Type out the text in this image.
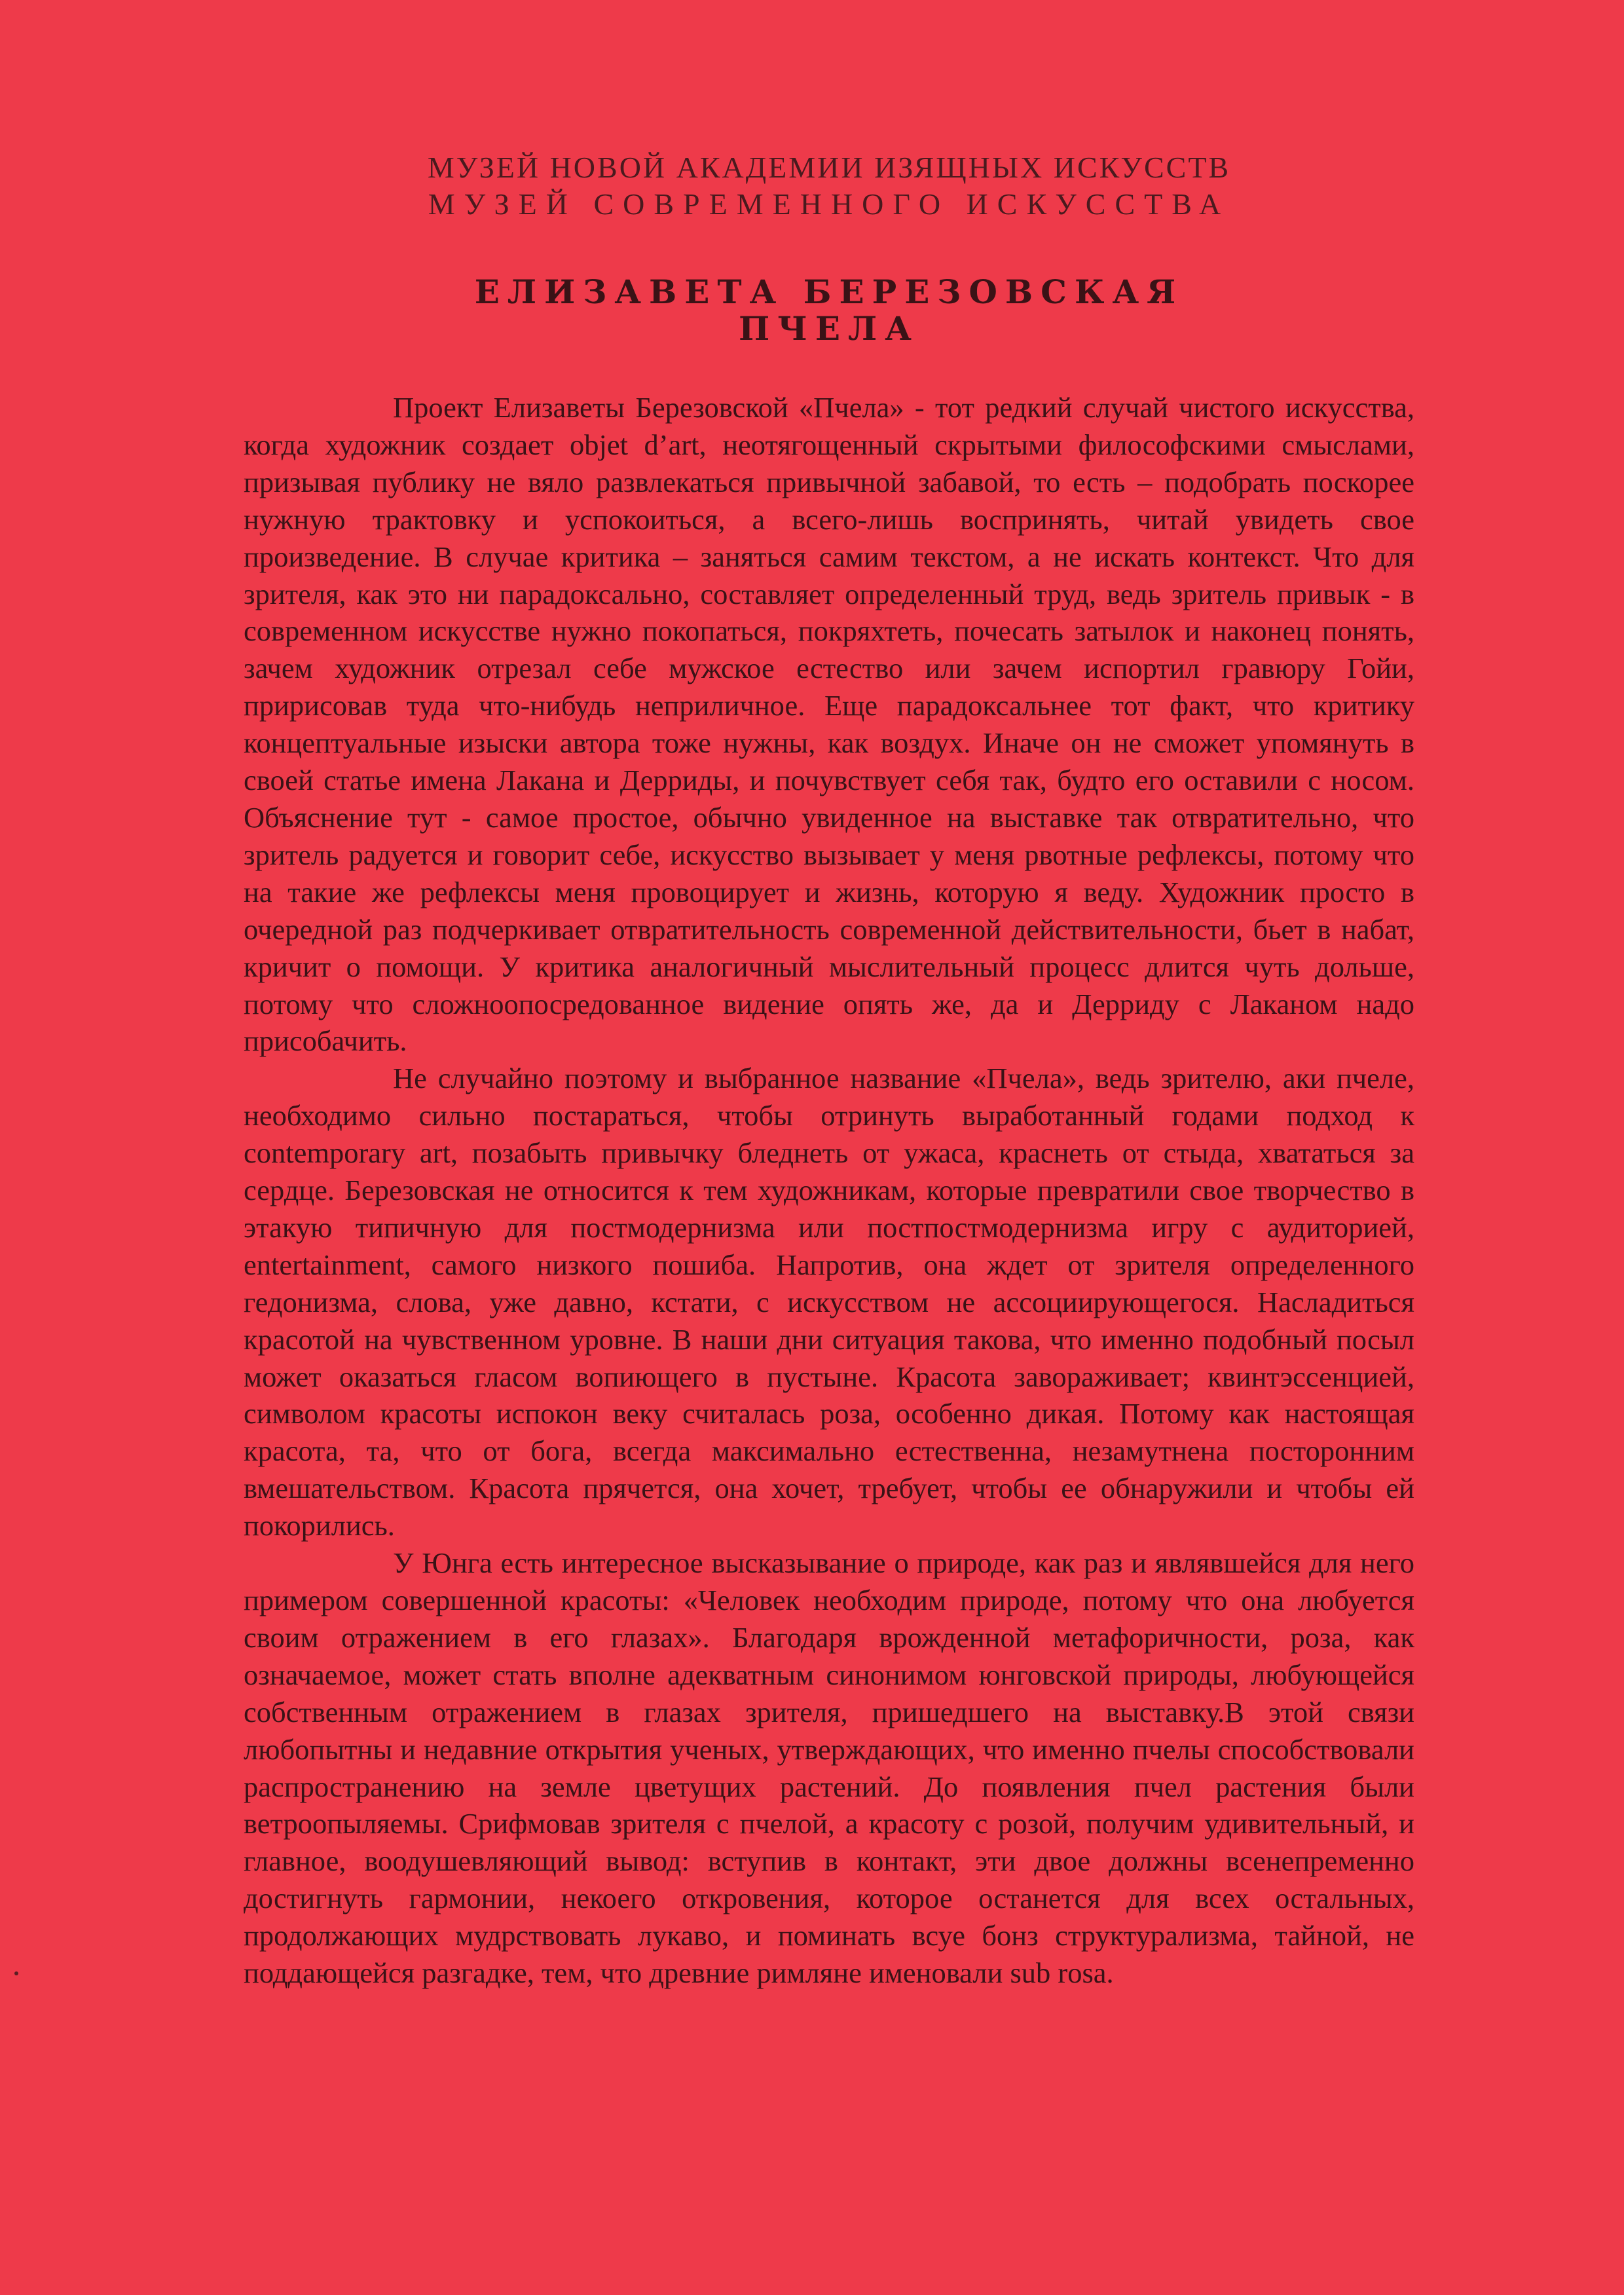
МУЗЕЙ НОВОЙ АКАДЕМИИ ИЗЯЩНЫХ ИСКУССТВ

МУЗЕЙ СОВРЕМЕННОГО ИСКУССТВА

ЕЛИЗАВЕТА БЕРЕЗОВСКАЯ

ПЧЕЛА

Проект Елизаветы Березовской «Пчела» - тот редкий случай чистого искусства, когда художник создает objet d’art, неотягощенный скрытыми философскими смыслами, призывая публику не вяло развлекаться привычной забавой, то есть – подобрать поскорее нужную трактовку и успокоиться, а всего-лишь воспринять, читай увидеть свое произведение. В случае критика – заняться самим текстом, а не искать контекст. Что для зрителя, как это ни парадоксально, составляет определенный труд, ведь зритель привык - в современном искусстве нужно покопаться, покряхтеть, почесать затылок и наконец понять, зачем художник отрезал себе мужское естество или зачем испортил гравюру Гойи, пририсовав туда что-нибудь неприличное. Еще парадоксальнее тот факт, что критику концептуальные изыски автора тоже нужны, как воздух. Иначе он не сможет упомянуть в своей статье имена Лакана и Дерриды, и почувствует себя так, будто его оставили с носом. Объяснение тут - самое простое, обычно увиденное на выставке так отвратительно, что зритель радуется и говорит себе, искусство вызывает у меня рвотные рефлексы, потому что на такие же рефлексы меня провоцирует и жизнь, которую я веду. Художник просто в очередной раз подчеркивает отвратительность современной действительности, бьет в набат, кричит о помощи. У критика аналогичный мыслительный процесс длится чуть дольше, потому что сложноопосредованное видение опять же, да и Дерриду с Лаканом надо присобачить.

Не случайно поэтому и выбранное название «Пчела», ведь зрителю, аки пчеле, необходимо сильно постараться, чтобы отринуть выработанный годами подход к contemporary art, позабыть привычку бледнеть от ужаса, краснеть от стыда, хвататься за сердце. Березовская не относится к тем художникам, которые превратили свое творчество в этакую типичную для постмодернизма или постпостмодернизма игру с аудиторией, entertainment, самого низкого пошиба. Напротив, она ждет от зрителя определенного гедонизма, слова, уже давно, кстати, с искусством не ассоциирующегося. Насладиться красотой на чувственном уровне. В наши дни ситуация такова, что именно подобный посыл может оказаться гласом вопиющего в пустыне. Красота завораживает; квинтэссенцией, символом красоты испокон веку считалась роза, особенно дикая. Потому как настоящая красота, та, что от бога, всегда максимально естественна, незамутнена посторонним вмешательством. Красота прячется, она хочет, требует, чтобы ее обнаружили и чтобы ей покорились.

У Юнга есть интересное высказывание о природе, как раз и являвшейся для него примером совершенной красоты: «Человек необходим природе, потому что она любуется своим отражением в его глазах». Благодаря врожденной метафоричности, роза, как означаемое, может стать вполне адекватным синонимом юнговской природы, любующейся собственным отражением в глазах зрителя, пришедшего на выставку.В этой связи любопытны и недавние открытия ученых, утверждающих, что именно пчелы способствовали распространению на земле цветущих растений. До появления пчел растения были ветроопыляемы. Срифмовав зрителя с пчелой, а красоту с розой, получим удивительный, и главное, воодушевляющий вывод: вступив в контакт, эти двое должны всенепременно достигнуть гармонии, некоего откровения, которое останется для всех остальных, продолжающих мудрствовать лукаво, и поминать всуе бонз структурализма, тайной, не поддающейся разгадке, тем, что древние римляне именовали sub rosa.
